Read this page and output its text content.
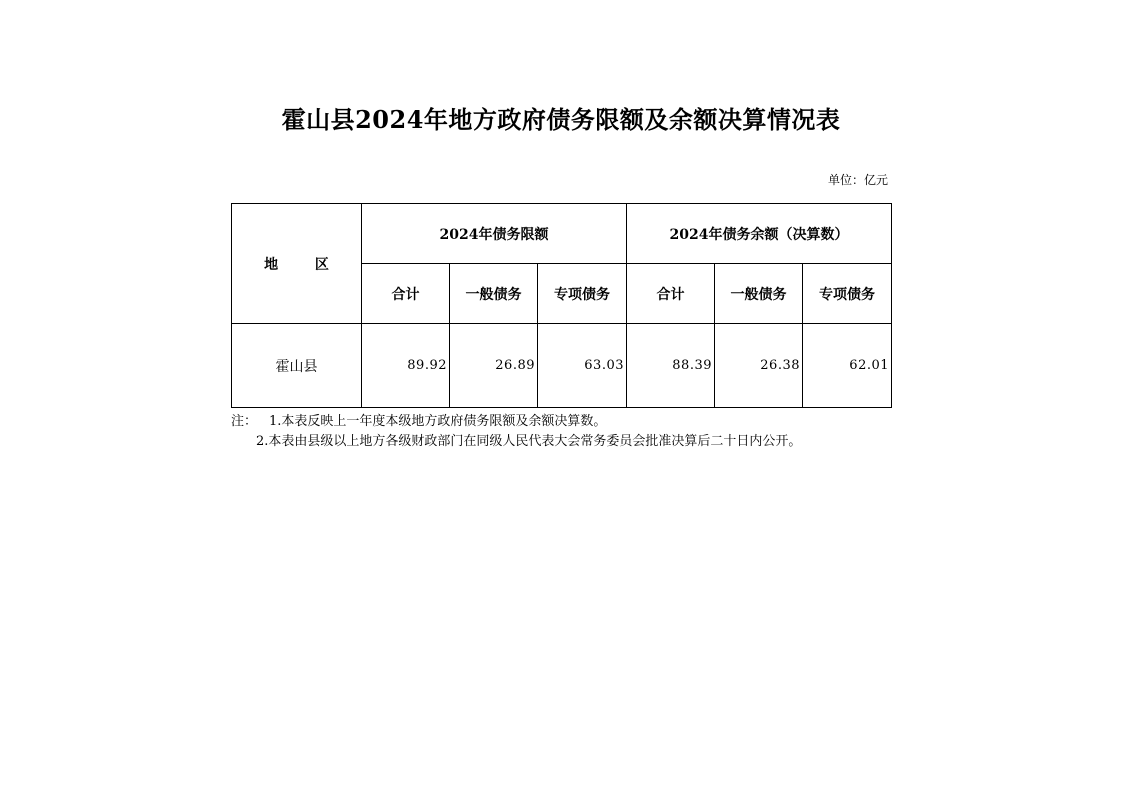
霍山县2024年地方政府债务限额及余额决算情况表
单位：亿元
地 区	2024年债务限额			2024年债务余额（决算数）		
	合计	一般债务	专项债务	合计	一般债务	专项债务
霍山县	89.92	26.89	63.03	88.39	26.38	62.01
注： 1.本表反映上一年度本级地方政府债务限额及余额决算数。
2.本表由县级以上地方各级财政部门在同级人民代表大会常务委员会批准决算后二十日内公开。
